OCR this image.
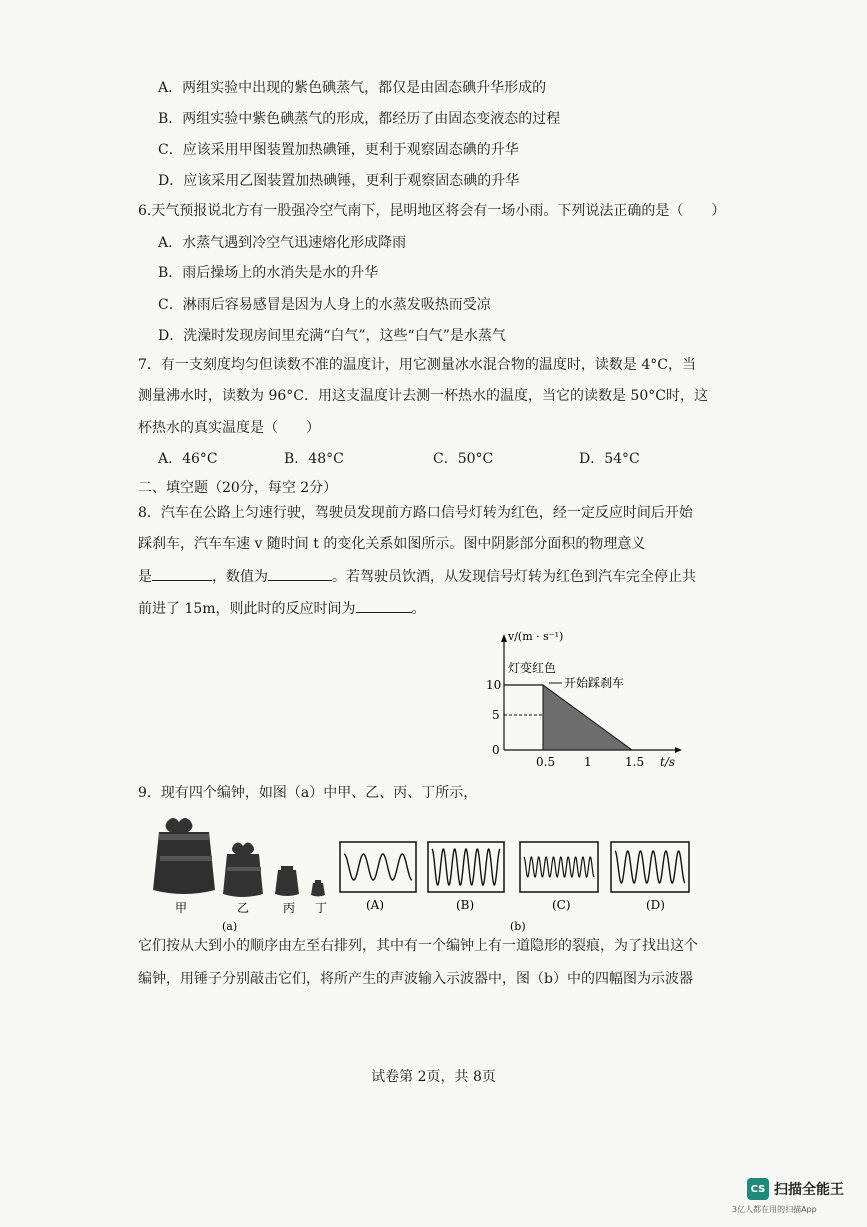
A．两组实验中出现的紫色碘蒸气，都仅是由固态碘升华形成的
B．两组实验中紫色碘蒸气的形成，都经历了由固态变液态的过程
C．应该采用甲图装置加热碘锤，更利于观察固态碘的升华
D．应该采用乙图装置加热碘锤，更利于观察固态碘的升华
6.天气预报说北方有一股强冷空气南下，昆明地区将会有一场小雨。下列说法正确的是（　　）
A．水蒸气遇到冷空气迅速熔化形成降雨
B．雨后操场上的水消失是水的升华
C．淋雨后容易感冒是因为人身上的水蒸发吸热而受凉
D．洗澡时发现房间里充满“白气”，这些“白气”是水蒸气
7．有一支刻度均匀但读数不准的温度计，用它测量冰水混合物的温度时，读数是 4°C，当
测量沸水时，读数为 96°C．用这支温度计去测一杯热水的温度，当它的读数是 50°C时，这
杯热水的真实温度是（　　）
A．46°C	B．48°C	C．50°C	D．54°C
二、填空题（20分，每空 2分）
8．汽车在公路上匀速行驶，驾驶员发现前方路口信号灯转为红色，经一定反应时间后开始
踩刹车，汽车车速 v 随时间 t 的变化关系如图所示。图中阴影部分面积的物理意义
是	，数值为	。若驾驶员饮酒，从发现信号灯转为红色到汽车完全停止共
前进了 15m，则此时的反应时间为	。
v/(m · s⁻¹)
灯变红色
开始踩刹车
10
5
0
0.5 1	1.5 t/s
9．现有四个编钟，如图（a）中甲、乙、丙、丁所示，
甲	乙	丙 丁
(a)
(A)	(B)	(C)	(D)
(b)
它们按从大到小的顺序由左至右排列，其中有一个编钟上有一道隐形的裂痕，为了找出这个
编钟，用锤子分别敲击它们，将所产生的声波输入示波器中，图（b）中的四幅图为示波器
试卷第 2页，共 8页
CS 扫描全能王
3亿人都在用的扫描App
